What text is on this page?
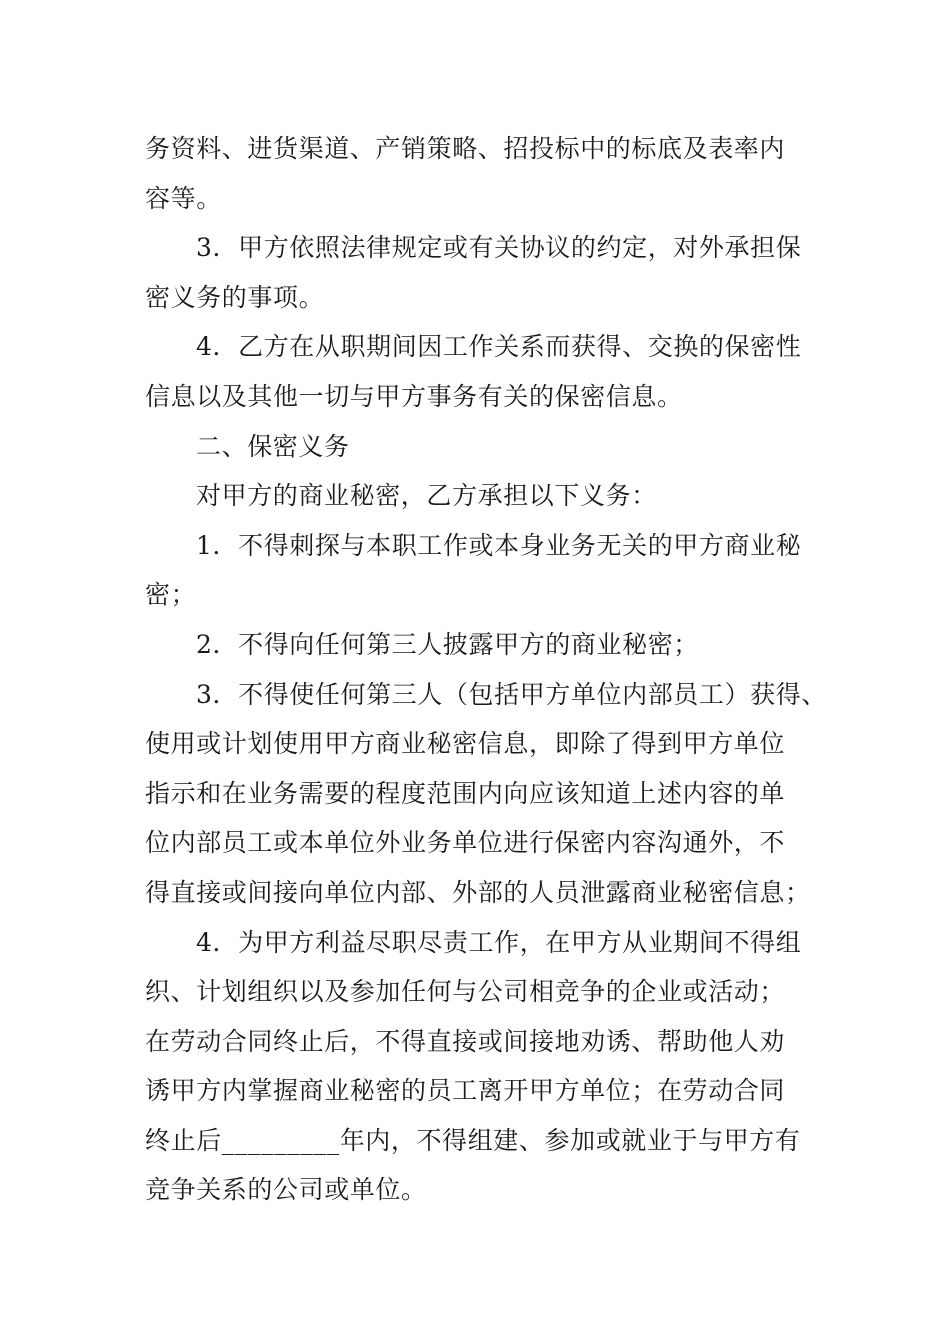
务资料、进货渠道、产销策略、招投标中的标底及表率内
容等。
3．甲方依照法律规定或有关协议的约定，对外承担保
密义务的事项。
4．乙方在从职期间因工作关系而获得、交换的保密性
信息以及其他一切与甲方事务有关的保密信息。
二、保密义务
对甲方的商业秘密，乙方承担以下义务：
1．不得刺探与本职工作或本身业务无关的甲方商业秘
密；
2．不得向任何第三人披露甲方的商业秘密；
3．不得使任何第三人（包括甲方单位内部员工）获得、
使用或计划使用甲方商业秘密信息，即除了得到甲方单位
指示和在业务需要的程度范围内向应该知道上述内容的单
位内部员工或本单位外业务单位进行保密内容沟通外，不
得直接或间接向单位内部、外部的人员泄露商业秘密信息；
4．为甲方利益尽职尽责工作，在甲方从业期间不得组
织、计划组织以及参加任何与公司相竞争的企业或活动；
在劳动合同终止后，不得直接或间接地劝诱、帮助他人劝
诱甲方内掌握商业秘密的员工离开甲方单位；在劳动合同
终止后_________年内，不得组建、参加或就业于与甲方有
竞争关系的公司或单位。
